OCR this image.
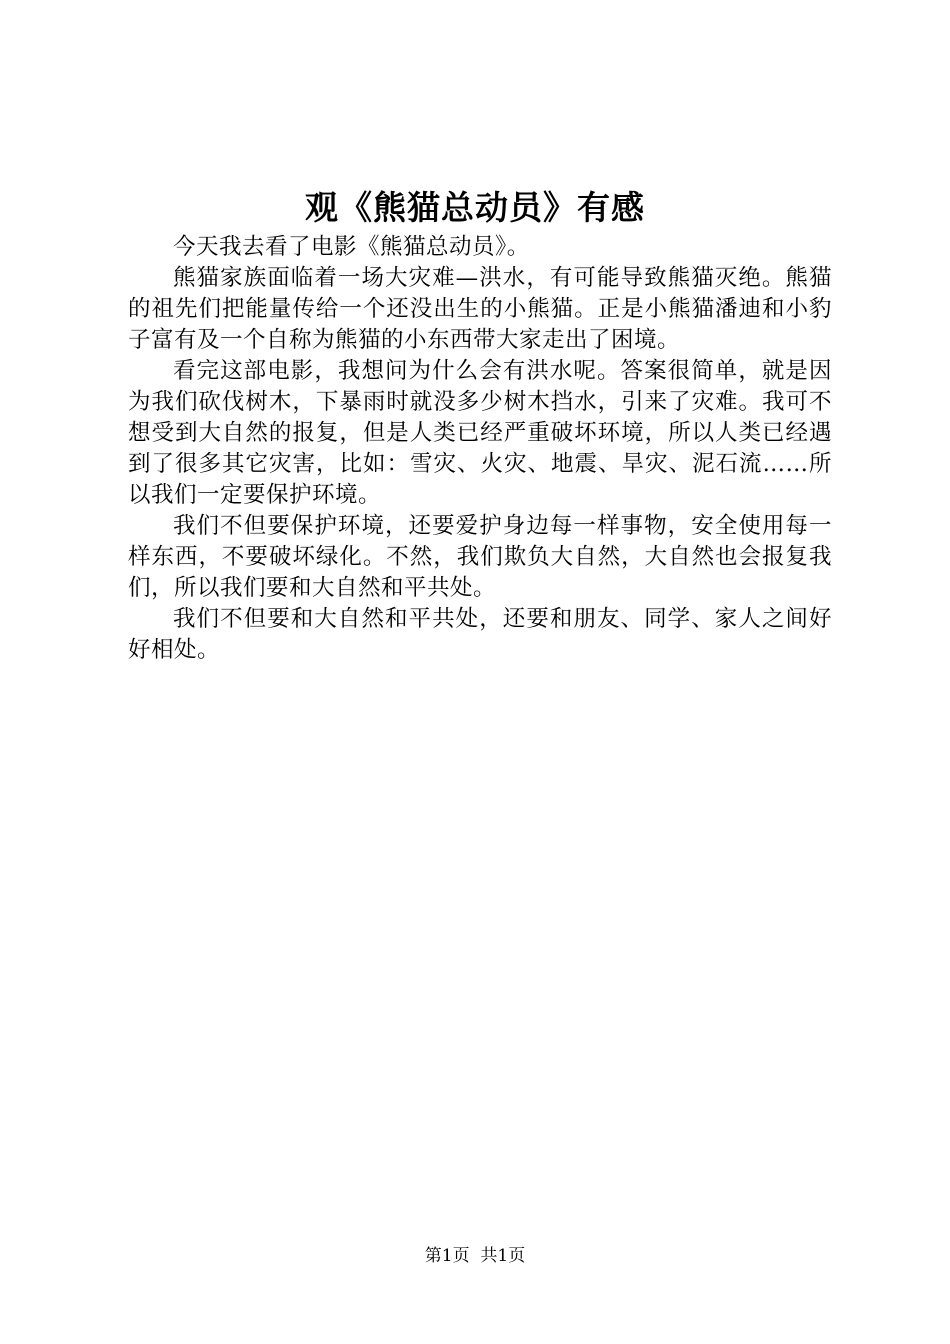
观《熊猫总动员》有感

今天我去看了电影《熊猫总动员》。

熊猫家族面临着一场大灾难—洪水，有可能导致熊猫灭绝。熊猫的祖先们把能量传给一个还没出生的小熊猫。正是小熊猫潘迪和小豹子富有及一个自称为熊猫的小东西带大家走出了困境。

看完这部电影，我想问为什么会有洪水呢。答案很简单，就是因为我们砍伐树木，下暴雨时就没多少树木挡水，引来了灾难。我可不想受到大自然的报复，但是人类已经严重破坏环境，所以人类已经遇到了很多其它灾害，比如：雪灾、火灾、地震、旱灾、泥石流……所以我们一定要保护环境。

我们不但要保护环境，还要爱护身边每一样事物，安全使用每一样东西，不要破坏绿化。不然，我们欺负大自然，大自然也会报复我们，所以我们要和大自然和平共处。

我们不但要和大自然和平共处，还要和朋友、同学、家人之间好好相处。

第1页  共1页
